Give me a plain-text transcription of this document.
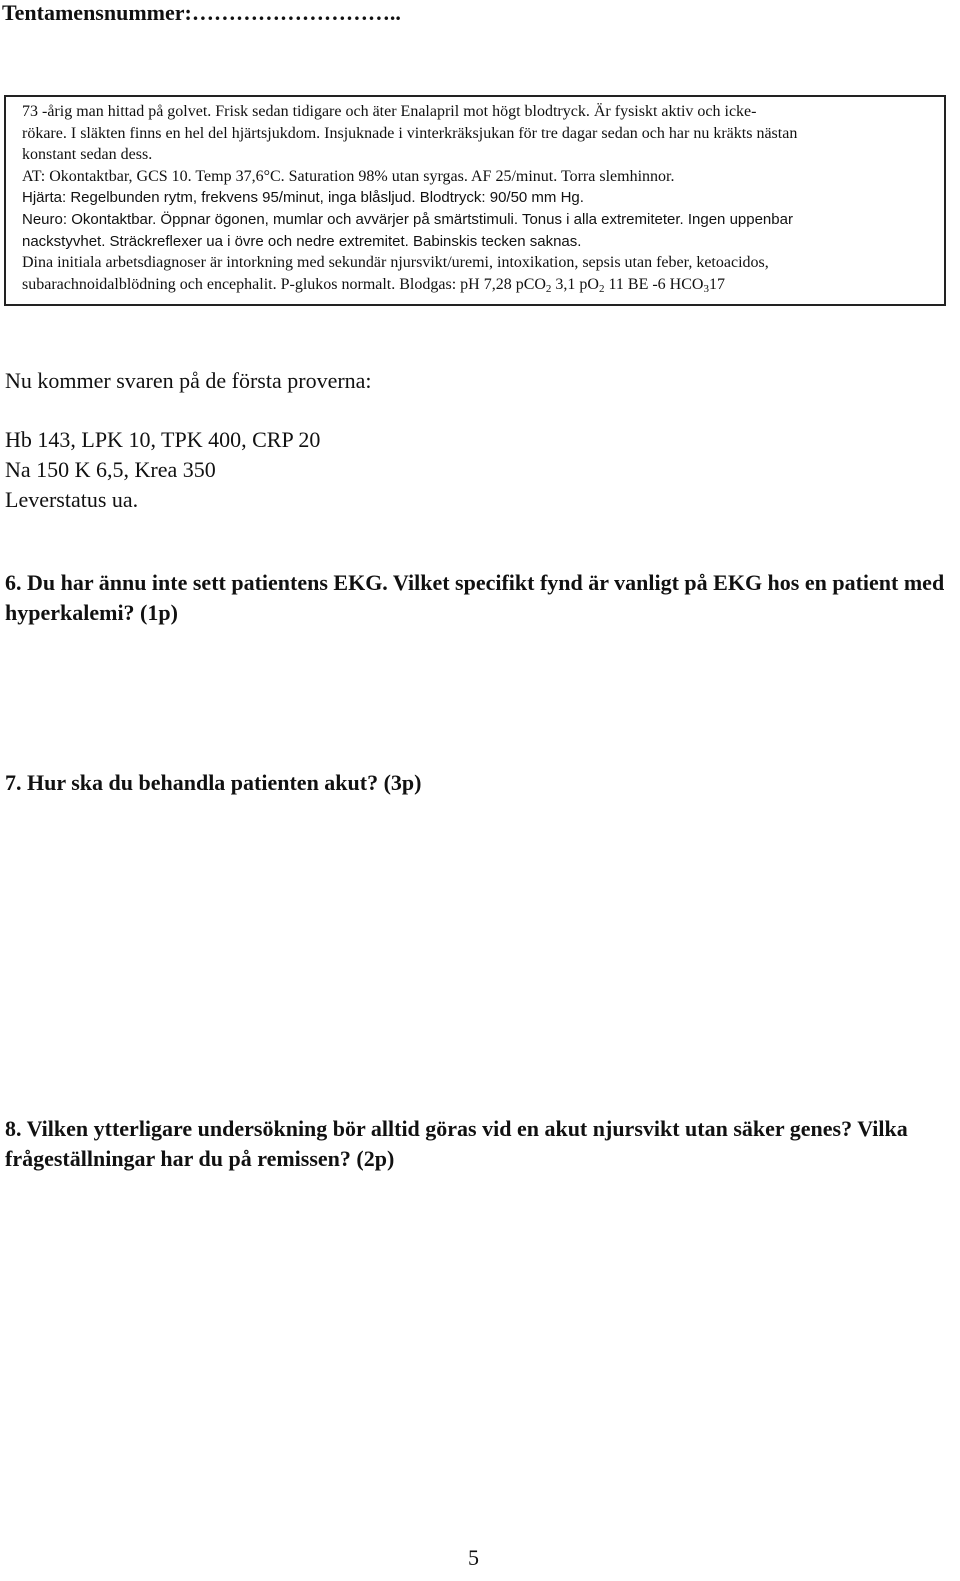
Tentamensnummer:………………………..

73 -årig man hittad på golvet. Frisk sedan tidigare och äter Enalapril mot högt blodtryck. Är fysiskt aktiv och icke-

rökare. I släkten finns en hel del hjärtsjukdom. Insjuknade i vinterkräksjukan för tre dagar sedan och har nu kräkts nästan

konstant sedan dess.

AT: Okontaktbar, GCS 10. Temp 37,6°C. Saturation 98% utan syrgas. AF 25/minut. Torra slemhinnor.

Hjärta: Regelbunden rytm, frekvens 95/minut, inga blåsljud. Blodtryck: 90/50 mm Hg.

Neuro: Okontaktbar. Öppnar ögonen, mumlar och avvärjer på smärtstimuli. Tonus i alla extremiteter. Ingen uppenbar

nackstyvhet. Sträckreflexer ua i övre och nedre extremitet. Babinskis tecken saknas.

Dina initiala arbetsdiagnoser är intorkning med sekundär njursvikt/uremi, intoxikation, sepsis utan feber, ketoacidos,

subarachnoidalblödning och encephalit. P-glukos normalt. Blodgas: pH 7,28 pCO$_2$ 3,1 $pO_2$ 11 BE -6 $HCO_317$

Nu kommer svaren på de första proverna:
Hb 143, LPK 10, TPK 400, CRP 20
Na 150 K 6,5, Krea 350
Leverstatus ua.

6. Du har ännu inte sett patientens EKG. Vilket specifikt fynd är vanligt på EKG hos en patient med hyperkalemi? (1p)

7. Hur ska du behandla patienten akut? (3p)

8. Vilken ytterligare undersökning bör alltid göras vid en akut njursvikt utan säker genes? Vilka frågeställningar har du på remissen? (2p)

5
